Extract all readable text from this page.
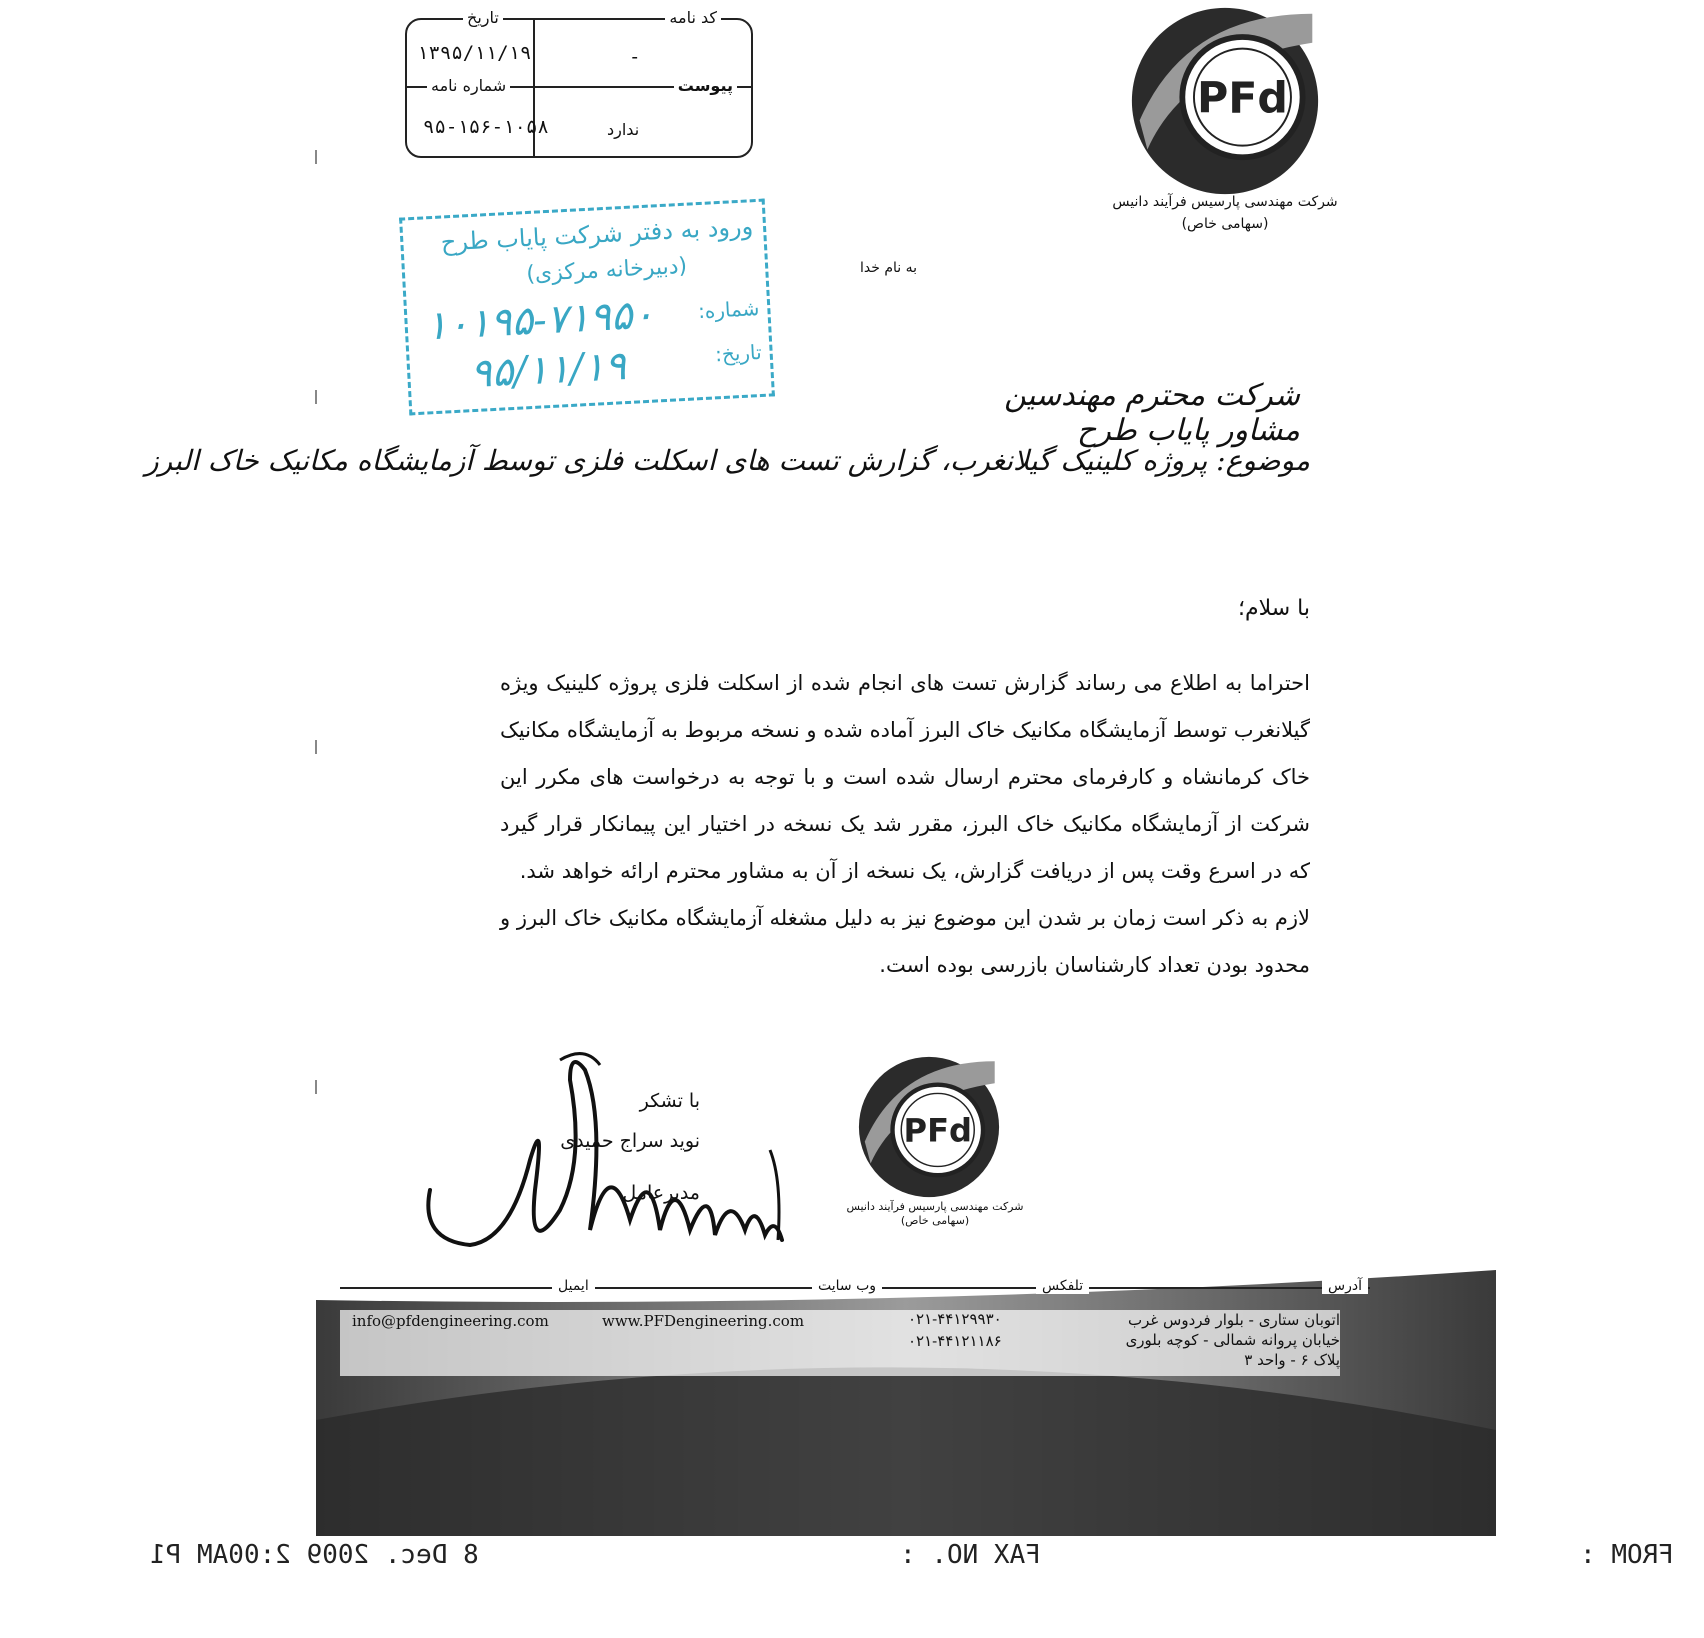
تاریخ
۱۳۹۵/۱۱/۱۹
کد نامه
-
شماره نامه
۹۵-۱۵۶-۱۰۵۸
پیوست
ندارد
PFd
شرکت مهندسی پارسیس فرآیند دانیس
(سهامی خاص)
ورود به دفتر شرکت پایاب طرح
(دبیرخانه مرکزی)
شماره:
تاریخ:
۱۰۱۹۵-۷۱۹۵۰
۹۵/۱۱/۱۹
به نام خدا
شرکت محترم مهندسین مشاور پایاب طرح
موضوع: پروژه کلینیک گیلانغرب، گزارش تست های اسکلت فلزی توسط آزمایشگاه مکانیک خاک البرز
با سلام؛

احتراما به اطلاع می رساند گزارش تست های انجام شده از اسکلت فلزی پروژه کلینیک ویژه گیلانغرب توسط آزمایشگاه مکانیک خاک البرز آماده شده و نسخه مربوط به آزمایشگاه مکانیک خاک کرمانشاه و کارفرمای محترم ارسال شده است و با توجه به درخواست های مکرر این شرکت از آزمایشگاه مکانیک خاک البرز، مقرر شد یک نسخه در اختیار این پیمانکار قرار گیرد که در اسرع وقت پس از دریافت گزارش، یک نسخه از آن به مشاور محترم ارائه خواهد شد.

لازم به ذکر است زمان بر شدن این موضوع نیز به دلیل مشغله آزمایشگاه مکانیک خاک البرز و محدود بودن تعداد کارشناسان بازرسی بوده است.

با تشکر
نوید سراج حمیدی
مدیرعامل
PFd
شرکت مهندسی پارسیس فرآیند دانیس
(سهامی خاص)
آدرس
تلفکس
وب سایت
ایمیل
info@pfdengineering.com	www.PFDengineering.com	۰۲۱-۴۴۱۲۹۹۳۰
۰۲۱-۴۴۱۲۱۱۸۶
اتوبان ستاری - بلوار فردوس غرب
خیابان پروانه شمالی - کوچه بلوری
پلاک ۶ - واحد ۳
FROM :
FAX NO. :
8 Dec. 2009 2:00AM P1
